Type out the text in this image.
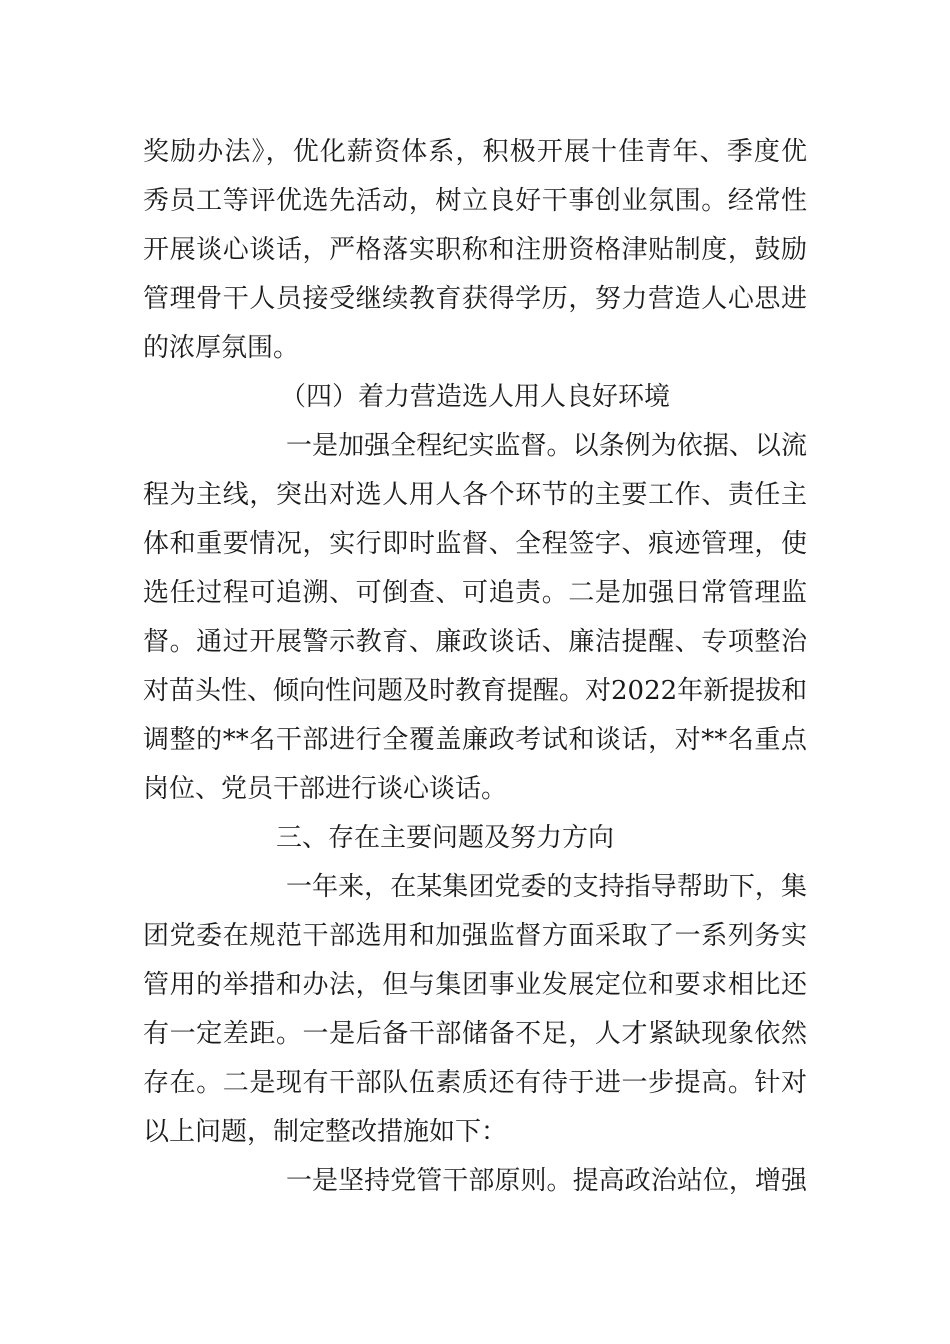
奖励办法》，优化薪资体系，积极开展十佳青年、季度优
秀员工等评优选先活动，树立良好干事创业氛围。经常性
开展谈心谈话，严格落实职称和注册资格津贴制度，鼓励
管理骨干人员接受继续教育获得学历，努力营造人心思进
的浓厚氛围。
（四）着力营造选人用人良好环境
一是加强全程纪实监督。以条例为依据、以流
程为主线，突出对选人用人各个环节的主要工作、责任主
体和重要情况，实行即时监督、全程签字、痕迹管理，使
选任过程可追溯、可倒查、可追责。二是加强日常管理监
督。通过开展警示教育、廉政谈话、廉洁提醒、专项整治
对苗头性、倾向性问题及时教育提醒。对2022年新提拔和
调整的**名干部进行全覆盖廉政考试和谈话，对**名重点
岗位、党员干部进行谈心谈话。
三、存在主要问题及努力方向
一年来，在某集团党委的支持指导帮助下，集
团党委在规范干部选用和加强监督方面采取了一系列务实
管用的举措和办法，但与集团事业发展定位和要求相比还
有一定差距。一是后备干部储备不足，人才紧缺现象依然
存在。二是现有干部队伍素质还有待于进一步提高。针对
以上问题，制定整改措施如下：
一是坚持党管干部原则。提高政治站位，增强
